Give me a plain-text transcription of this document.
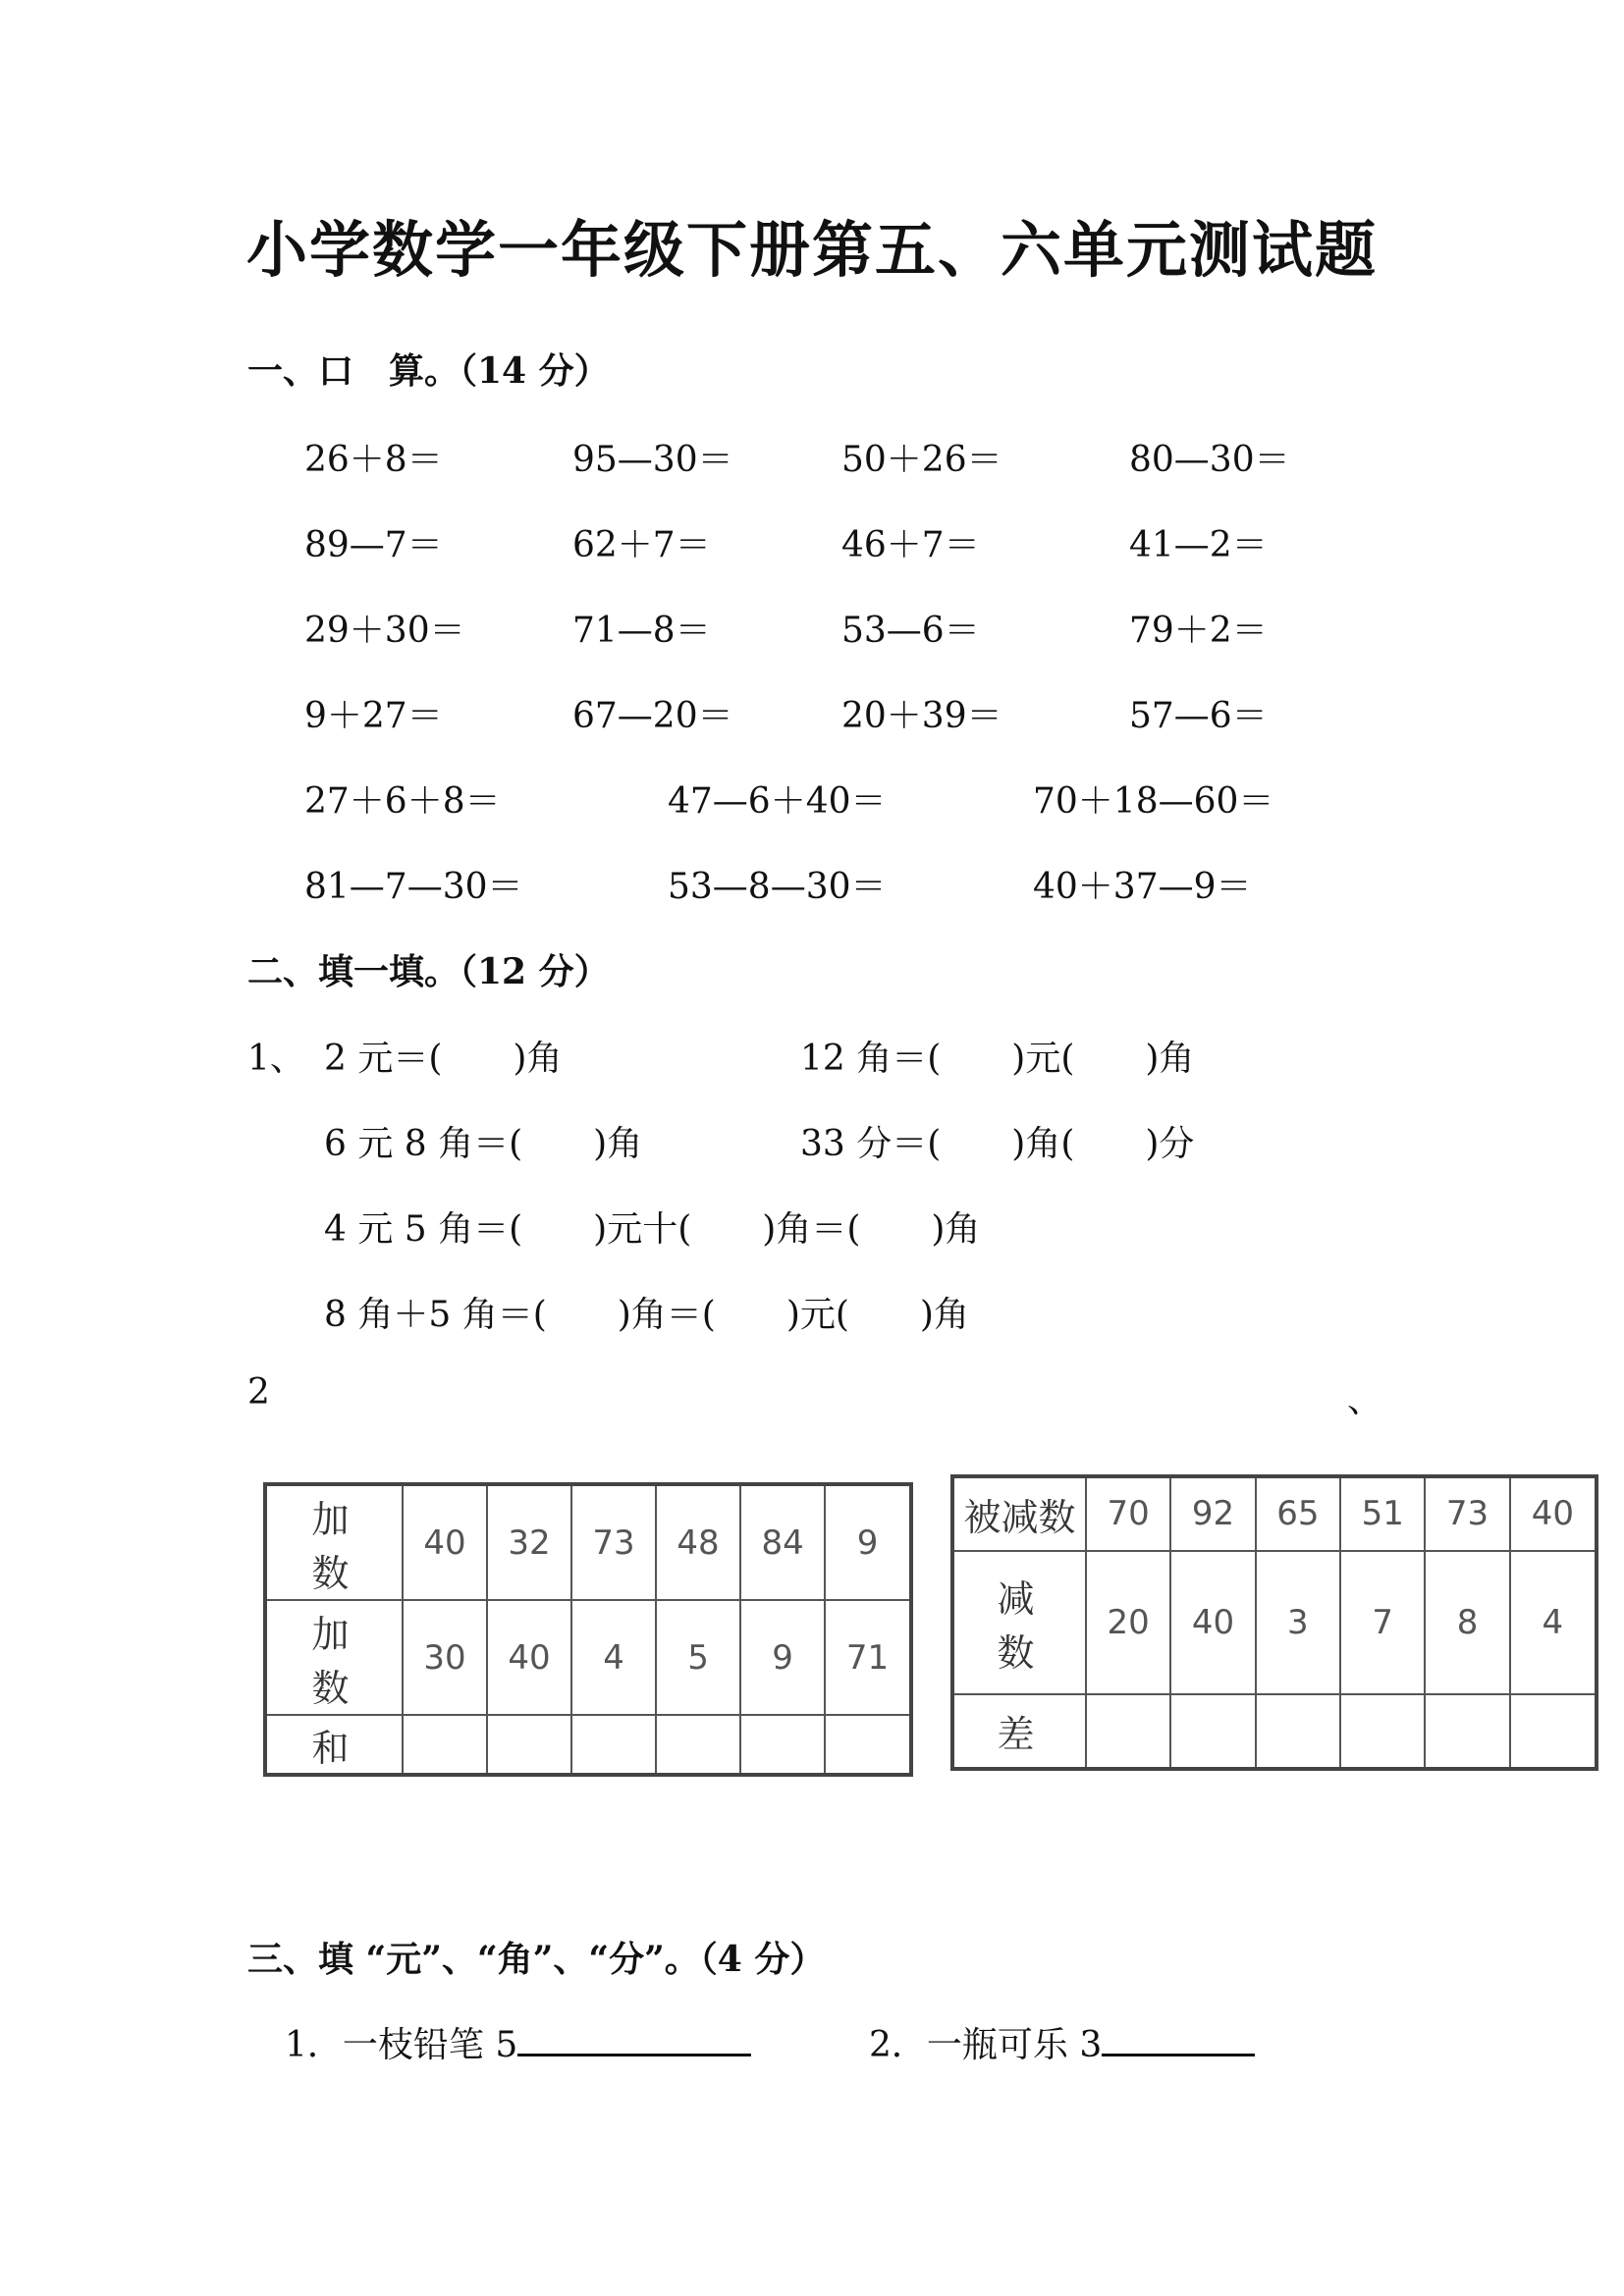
小学数学一年级下册第五、六单元测试题
一、口　算。（14 分）
26＋8＝	95—30＝	50＋26＝	80—30＝
89—7＝	62＋7＝	46＋7＝	41—2＝
29＋30＝	71—8＝	53—6＝	79＋2＝
9＋27＝	67—20＝	20＋39＝	57—6＝
27＋6＋8＝	47—6＋40＝	70＋18—60＝
81—7—30＝	53—8—30＝	40＋37—9＝
二、填一填。（12 分）
1、 2 元＝(　　)角	12 角＝(　　)元(　　)角
6 元 8 角＝(　　)角	33 分＝(　　)角(　　)分
4 元 5 角＝(　　)元十(　　)角＝(　　)角
8 角＋5 角＝(　　)角＝(　　)元(　　)角
2	、
加　数	40	32	73	48	84	9
加　数	30	40	4	5	9	71
和						
被减数	70	92	65	51	73	40
减　数	20	40	3	7	8	4
差						
三、填 “元”、“角”、“分”。（4 分）
1．一枝铅笔 5	2．一瓶可乐 3
